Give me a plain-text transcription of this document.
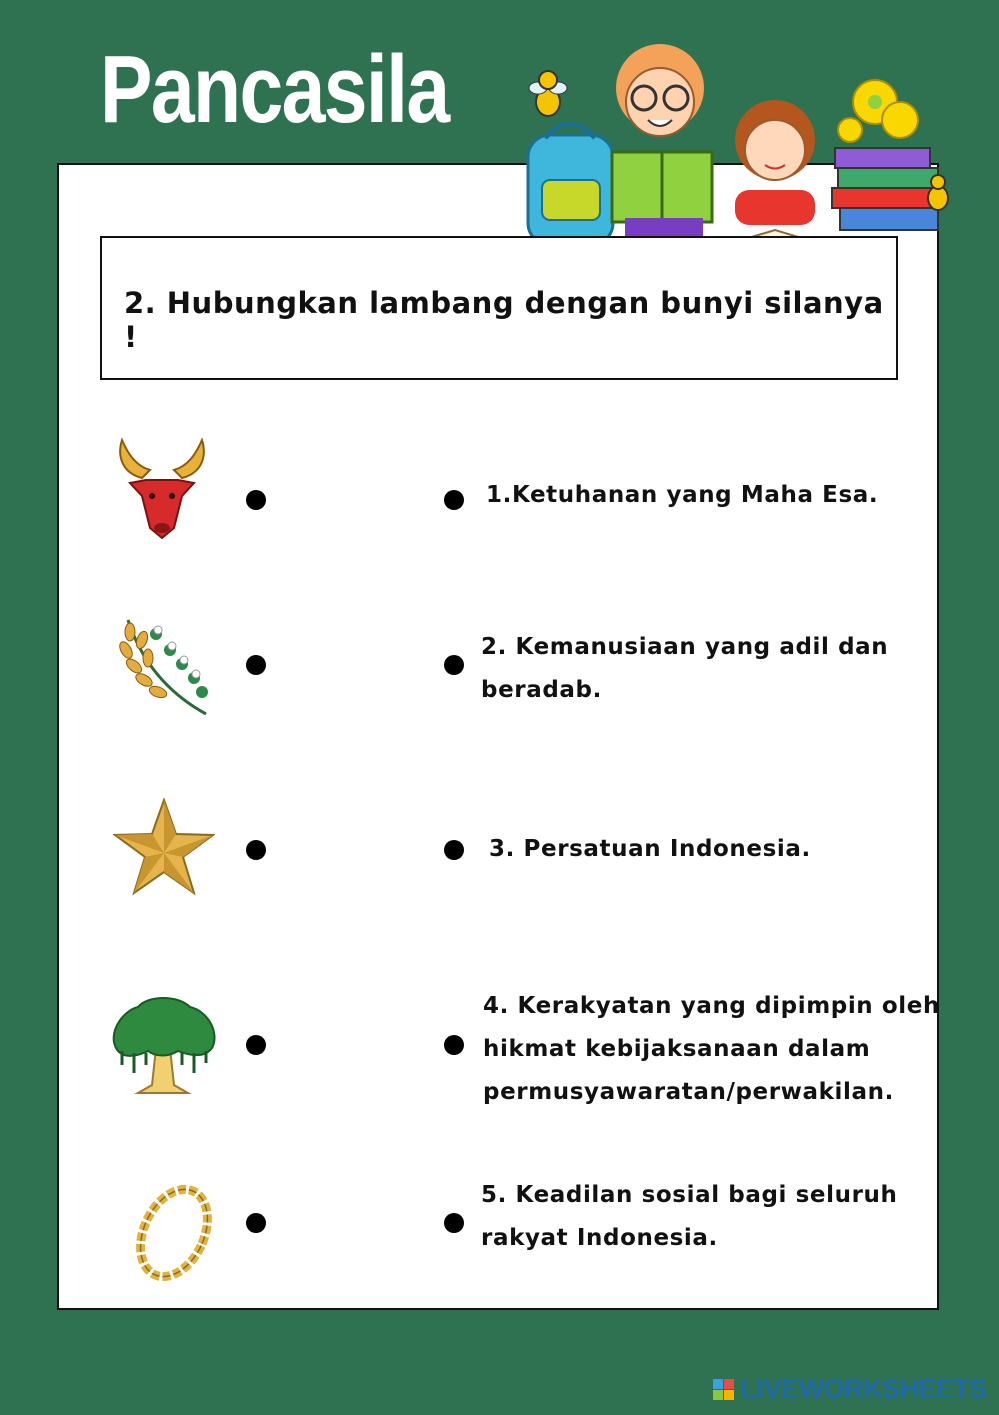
Pancasila
2. Hubungkan lambang dengan bunyi silanya !
1.Ketuhanan yang Maha Esa.
2. Kemanusiaan yang adil dan
beradab.
3. Persatuan Indonesia.
4. Kerakyatan yang dipimpin oleh
hikmat kebijaksanaan dalam
permusyawaratan/perwakilan.
5. Keadilan sosial bagi seluruh
rakyat Indonesia.
LIVEWORKSHEETS
